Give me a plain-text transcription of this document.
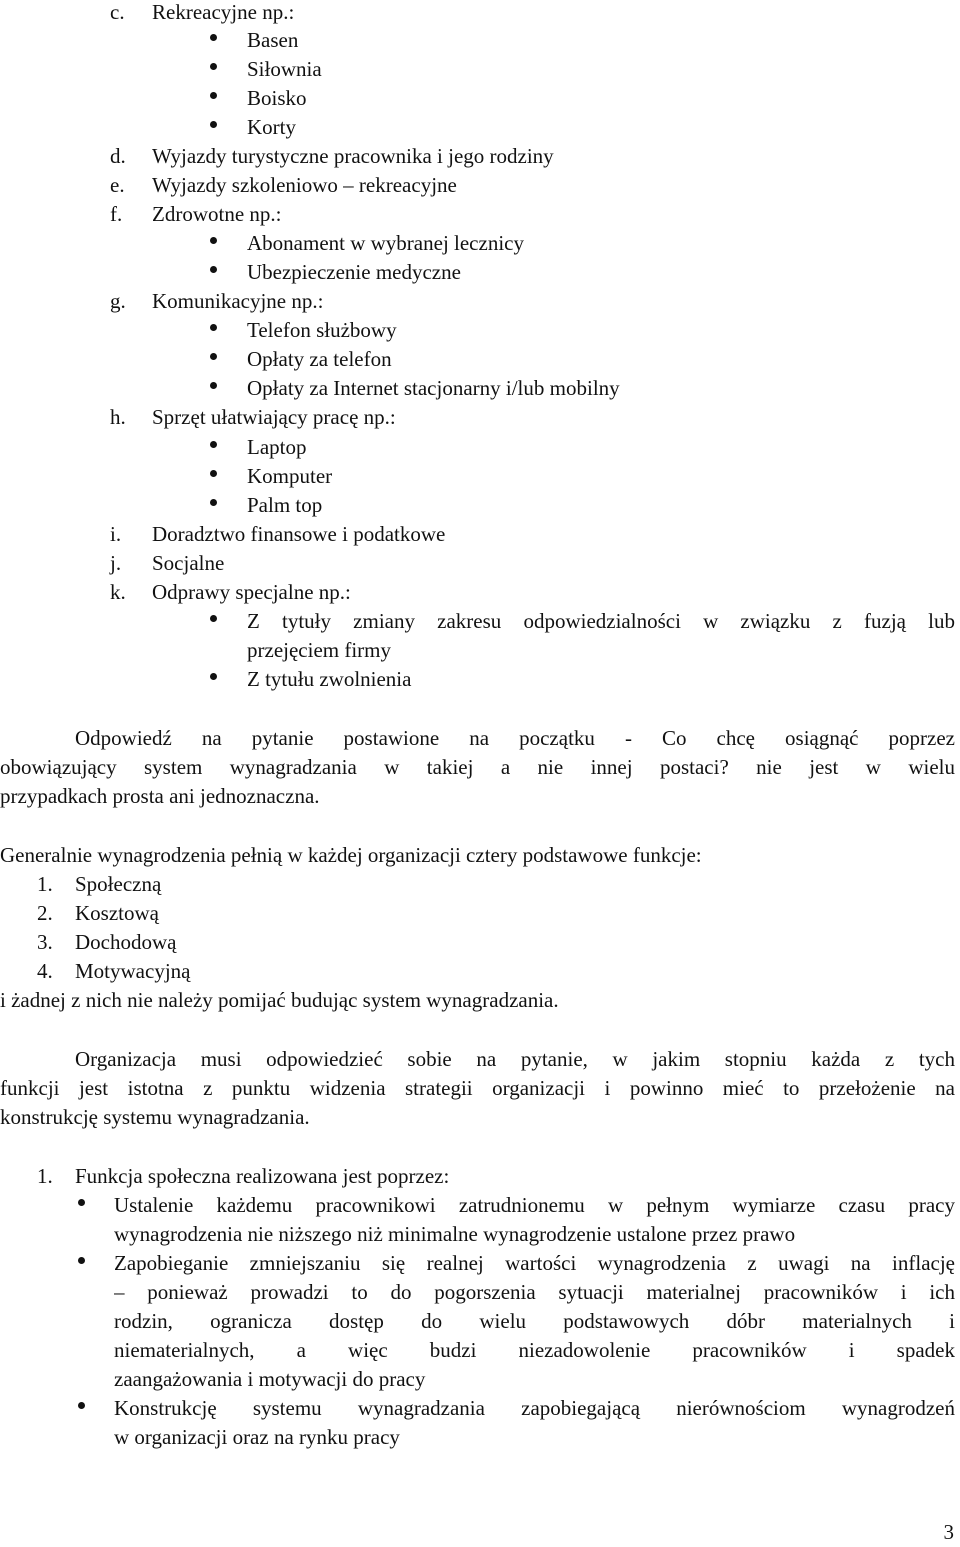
c. Rekreacyjne np.:
Basen
Siłownia
Boisko
Korty
d. Wyjazdy turystyczne pracownika i jego rodziny
e. Wyjazdy szkoleniowo – rekreacyjne
f. Zdrowotne np.:
Abonament w wybranej lecznicy
Ubezpieczenie medyczne
g. Komunikacyjne np.:
Telefon służbowy
Opłaty za telefon
Opłaty za Internet stacjonarny i/lub mobilny
h. Sprzęt ułatwiający pracę np.:
Laptop
Komputer
Palm top
i. Doradztwo finansowe i podatkowe
j. Socjalne
k. Odprawy specjalne np.:
Z tytuły zmiany zakresu odpowiedzialności w związku z fuzją lub
przejęciem firmy
Z tytułu zwolnienia
Odpowiedź na pytanie postawione na początku - Co chcę osiągnąć poprzez
obowiązujący system wynagradzania w takiej a nie innej postaci? nie jest w wielu
przypadkach prosta ani jednoznaczna.
Generalnie wynagrodzenia pełnią w każdej organizacji cztery podstawowe funkcje:
1. Społeczną
2. Kosztową
3. Dochodową
4. Motywacyjną
i żadnej z nich nie należy pomijać budując system wynagradzania.
Organizacja musi odpowiedzieć sobie na pytanie, w jakim stopniu każda z tych
funkcji jest istotna z punktu widzenia strategii organizacji i powinno mieć to przełożenie na
konstrukcję systemu wynagradzania.
1. Funkcja społeczna realizowana jest poprzez:
Ustalenie każdemu pracownikowi zatrudnionemu w pełnym wymiarze czasu pracy
wynagrodzenia nie niższego niż minimalne wynagrodzenie ustalone przez prawo
Zapobieganie zmniejszaniu się realnej wartości wynagrodzenia z uwagi na inflację
– ponieważ prowadzi to do pogorszenia sytuacji materialnej pracowników i ich
rodzin, ogranicza dostęp do wielu podstawowych dóbr materialnych i
niematerialnych, a więc budzi niezadowolenie pracowników i spadek
zaangażowania i motywacji do pracy
Konstrukcję systemu wynagradzania zapobiegającą nierównościom wynagrodzeń
w organizacji oraz na rynku pracy
3
